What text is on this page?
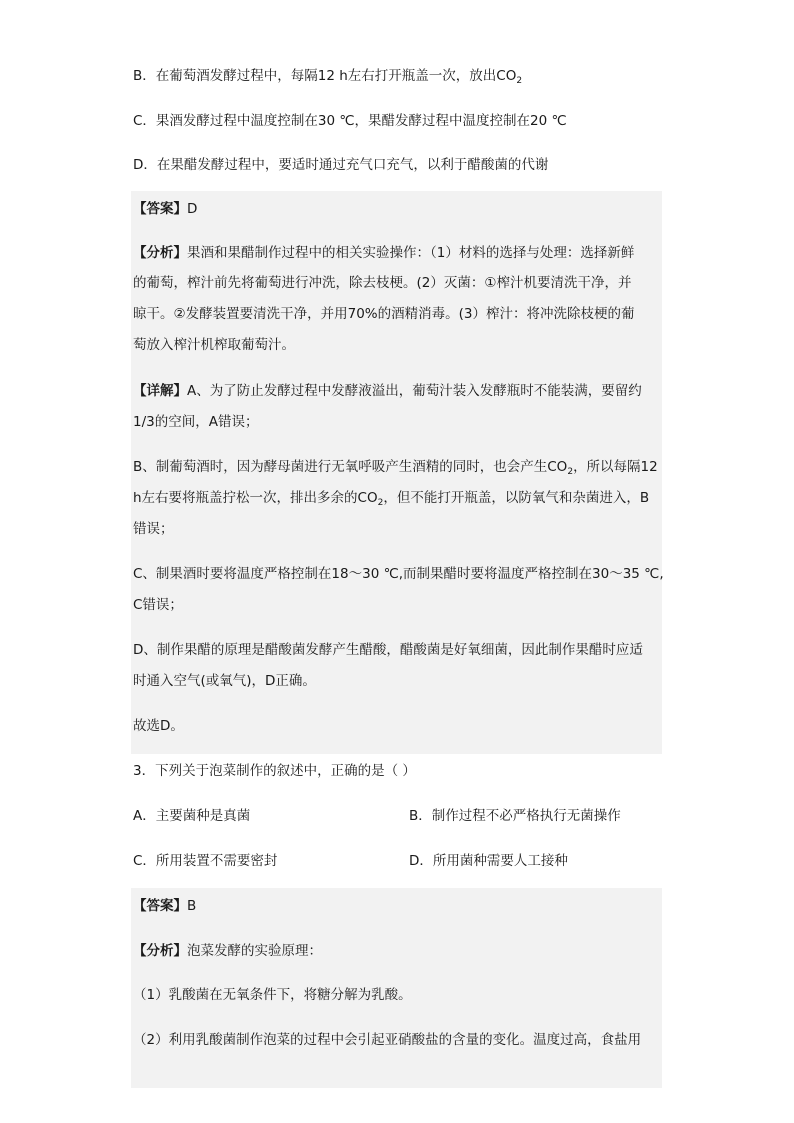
B．在葡萄酒发酵过程中，每隔12 h左右打开瓶盖一次，放出$CO_2$
C．果酒发酵过程中温度控制在30 ℃，果醋发酵过程中温度控制在20 ℃
D．在果醋发酵过程中，要适时通过充气口充气，以利于醋酸菌的代谢
【答案】D
【分析】果酒和果醋制作过程中的相关实验操作：（1）材料的选择与处理：选择新鲜
的葡萄，榨汁前先将葡萄进行冲洗，除去枝梗。(2）灭菌：①榨汁机要清洗干净，并
晾干。②发酵装置要清洗干净，并用70%的酒精消毒。(3）榨汁：将冲洗除枝梗的葡
萄放入榨汁机榨取葡萄汁。
【详解】A、为了防止发酵过程中发酵液溢出，葡萄汁装入发酵瓶时不能装满，要留约
1/3的空间，A错误；
B、制葡萄酒时，因为酵母菌进行无氧呼吸产生酒精的同时，也会产生$CO_2$，所以每隔12
h左右要将瓶盖拧松一次，排出多余的$CO_2$，但不能打开瓶盖，以防氧气和杂菌进入，B
错误；
C、制果酒时要将温度严格控制在18～30 ℃,而制果醋时要将温度严格控制在30～35 ℃,
C错误；
D、制作果醋的原理是醋酸菌发酵产生醋酸，醋酸菌是好氧细菌，因此制作果醋时应适
时通入空气(或氧气)，D正确。
故选D。
3．下列关于泡菜制作的叙述中，正确的是（ ）
A．主要菌种是真菌	B．制作过程不必严格执行无菌操作
C．所用装置不需要密封	D．所用菌种需要人工接种
【答案】B
【分析】泡菜发酵的实验原理：
（1）乳酸菌在无氧条件下，将糖分解为乳酸。
（2）利用乳酸菌制作泡菜的过程中会引起亚硝酸盐的含量的变化。温度过高，食盐用
